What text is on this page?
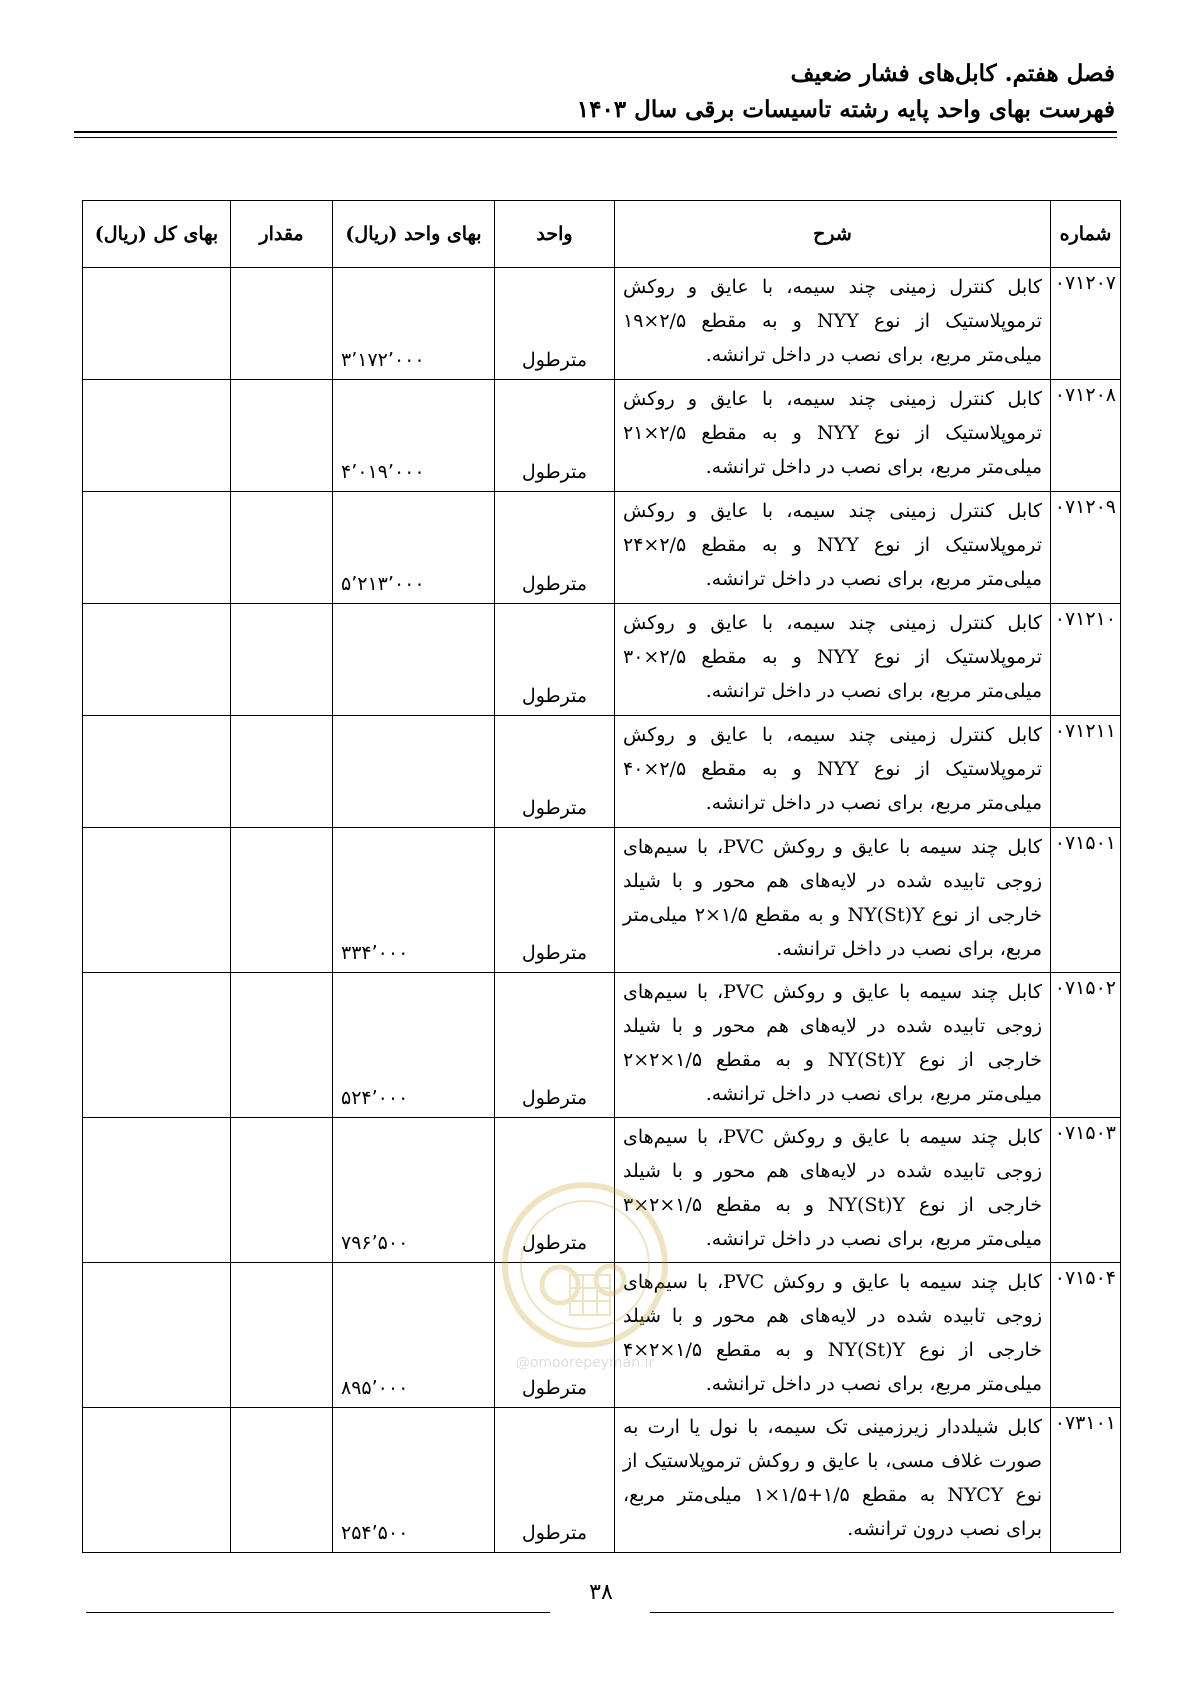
فصل هفتم. کابل‌های فشار ضعیف
فهرست بهای واحد پایه رشته تاسیسات برقی سال ۱۴۰۳
شماره	شرح	واحد	بهای واحد (ریال)	مقدار	بهای کل (ریال)
۰۷۱۲۰۷	کابل کنترل زمینی چند سیمه، با عایق و روکش ترموپلاستیک از نوع NYY و به مقطع ۲/۵×۱۹ میلی‌متر مربع، برای نصب در داخل ترانشه.	مترطول	۳٬۱۷۲٬۰۰۰		
۰۷۱۲۰۸	کابل کنترل زمینی چند سیمه، با عایق و روکش ترموپلاستیک از نوع NYY و به مقطع ۲/۵×۲۱ میلی‌متر مربع، برای نصب در داخل ترانشه.	مترطول	۴٬۰۱۹٬۰۰۰		
۰۷۱۲۰۹	کابل کنترل زمینی چند سیمه، با عایق و روکش ترموپلاستیک از نوع NYY و به مقطع ۲/۵×۲۴ میلی‌متر مربع، برای نصب در داخل ترانشه.	مترطول	۵٬۲۱۳٬۰۰۰		
۰۷۱۲۱۰	کابل کنترل زمینی چند سیمه، با عایق و روکش ترموپلاستیک از نوع NYY و به مقطع ۲/۵×۳۰ میلی‌متر مربع، برای نصب در داخل ترانشه.	مترطول			
۰۷۱۲۱۱	کابل کنترل زمینی چند سیمه، با عایق و روکش ترموپلاستیک از نوع NYY و به مقطع ۲/۵×۴۰ میلی‌متر مربع، برای نصب در داخل ترانشه.	مترطول			
۰۷۱۵۰۱	کابل چند سیمه با عایق و روکش PVC، با سیم‌های زوجی تابیده شده در لایه‌های هم محور و با شیلد خارجی از نوع NY(St)Y و به مقطع ۱/۵×۲ میلی‌متر مربع، برای نصب در داخل ترانشه.	مترطول	۳۳۴٬۰۰۰		
۰۷۱۵۰۲	کابل چند سیمه با عایق و روکش PVC، با سیم‌های زوجی تابیده شده در لایه‌های هم محور و با شیلد خارجی از نوع NY(St)Y و به مقطع ۱/۵×۲×۲ میلی‌متر مربع، برای نصب در داخل ترانشه.	مترطول	۵۲۴٬۰۰۰		
۰۷۱۵۰۳	کابل چند سیمه با عایق و روکش PVC، با سیم‌های زوجی تابیده شده در لایه‌های هم محور و با شیلد خارجی از نوع NY(St)Y و به مقطع ۱/۵×۲×۳ میلی‌متر مربع، برای نصب در داخل ترانشه.	مترطول	۷۹۶٬۵۰۰		
۰۷۱۵۰۴	کابل چند سیمه با عایق و روکش PVC، با سیم‌های زوجی تابیده شده در لایه‌های هم محور و با شیلد خارجی از نوع NY(St)Y و به مقطع ۱/۵×۲×۴ میلی‌متر مربع، برای نصب در داخل ترانشه.	مترطول	۸۹۵٬۰۰۰		
۰۷۳۱۰۱	کابل شیلددار زیرزمینی تک سیمه، با نول یا ارت به صورت غلاف مسی، با عایق و روکش ترموپلاستیک از نوع NYCY به مقطع ۱/۵+۱/۵×۱ میلی‌متر مربع، برای نصب درون ترانشه.	مترطول	۲۵۴٬۵۰۰		
@omoorepeyman.ir
۳۸
